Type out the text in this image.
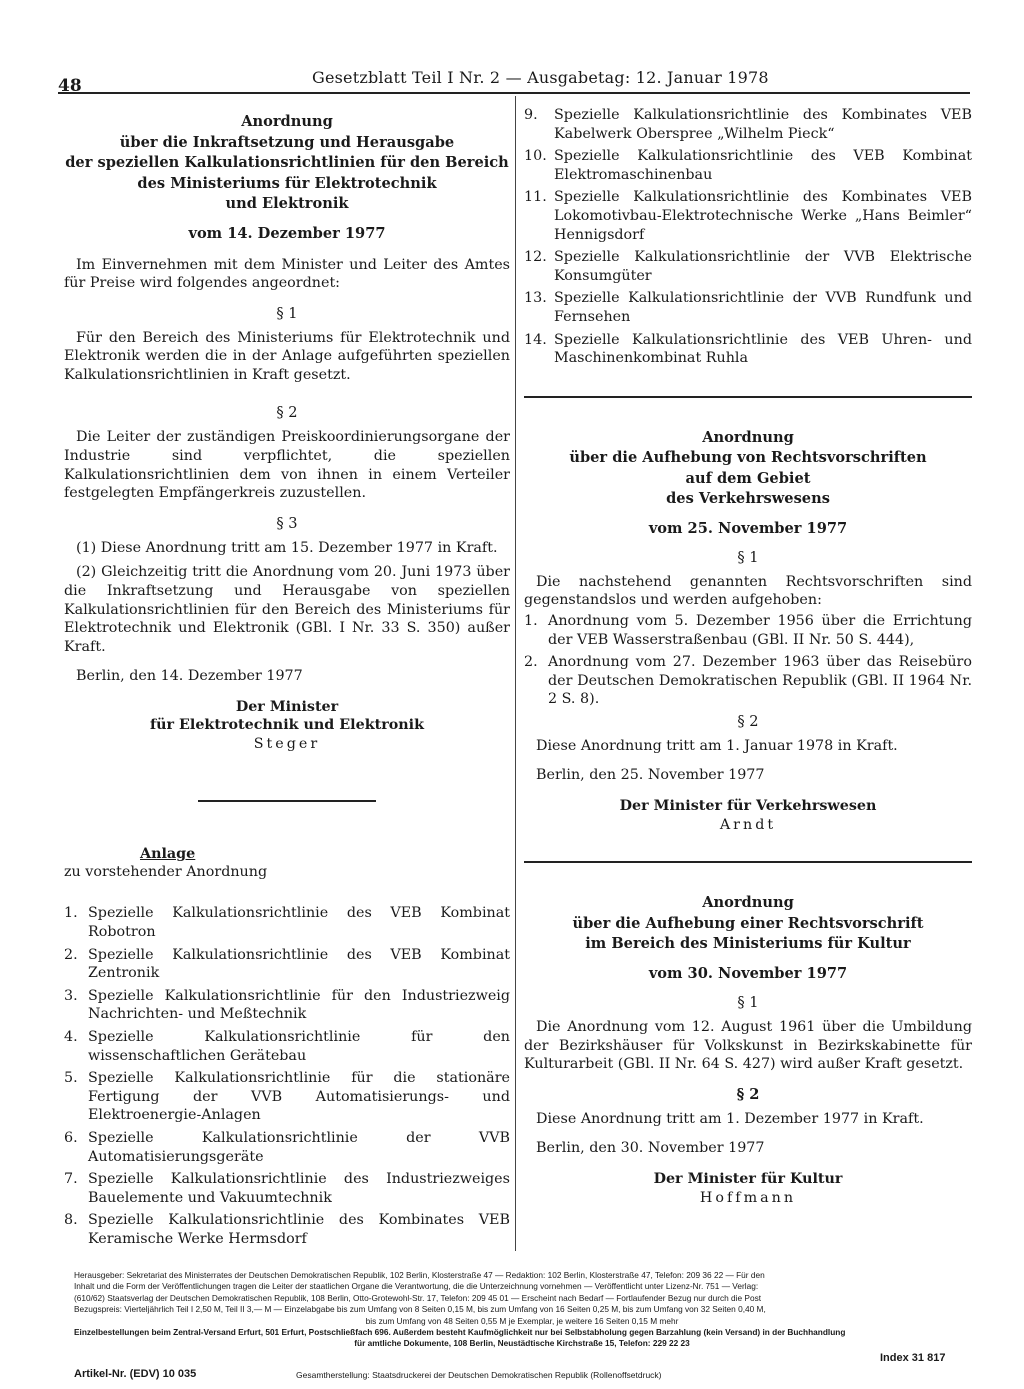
48	Gesetzblatt Teil I Nr. 2 — Ausgabetag: 12. Januar 1978
Anordnung
über die Inkraftsetzung und Herausgabe
der speziellen Kalkulationsrichtlinien für den Bereich
des Ministeriums für Elektrotechnik
und Elektronik
vom 14. Dezember 1977
Im Einvernehmen mit dem Minister und Leiter des Amtes für Preise wird folgendes angeordnet:
§ 1
Für den Bereich des Ministeriums für Elektrotechnik und Elektronik werden die in der Anlage aufgeführten speziellen Kalkulationsrichtlinien in Kraft gesetzt.
§ 2
Die Leiter der zuständigen Preiskoordinierungsorgane der Industrie sind verpflichtet, die speziellen Kalkulationsrichtlinien dem von ihnen in einem Verteiler festgelegten Empfängerkreis zuzustellen.
§ 3
(1) Diese Anordnung tritt am 15. Dezember 1977 in Kraft.
(2) Gleichzeitig tritt die Anordnung vom 20. Juni 1973 über die Inkraftsetzung und Herausgabe von speziellen Kalkulationsrichtlinien für den Bereich des Ministeriums für Elektrotechnik und Elektronik (GBl. I Nr. 33 S. 350) außer Kraft.
Berlin, den 14. Dezember 1977
Der Minister
für Elektrotechnik und Elektronik
Steger
Anlage
zu vorstehender Anordnung
1. Spezielle Kalkulationsrichtlinie des VEB Kombinat Robotron
2. Spezielle Kalkulationsrichtlinie des VEB Kombinat Zentronik
3. Spezielle Kalkulationsrichtlinie für den Industriezweig Nachrichten- und Meßtechnik
4. Spezielle Kalkulationsrichtlinie für den wissenschaftlichen Gerätebau
5. Spezielle Kalkulationsrichtlinie für die stationäre Fertigung der VVB Automatisierungs- und Elektroenergie-Anlagen
6. Spezielle Kalkulationsrichtlinie der VVB Automatisierungsgeräte
7. Spezielle Kalkulationsrichtlinie des Industriezweiges Bauelemente und Vakuumtechnik
8. Spezielle Kalkulationsrichtlinie des Kombinates VEB Keramische Werke Hermsdorf
9.	Spezielle Kalkulationsrichtlinie des Kombinates VEB Kabelwerk Oberspree „Wilhelm Pieck“
10. Spezielle Kalkulationsrichtlinie des VEB Kombinat Elektromaschinenbau
11. Spezielle Kalkulationsrichtlinie des Kombinates VEB Lokomotivbau-Elektrotechnische Werke „Hans Beimler“ Hennigsdorf
12. Spezielle Kalkulationsrichtlinie der VVB Elektrische Konsumgüter
13. Spezielle Kalkulationsrichtlinie der VVB Rundfunk und Fernsehen
14. Spezielle Kalkulationsrichtlinie des VEB Uhren- und Maschinenkombinat Ruhla
Anordnung
über die Aufhebung von Rechtsvorschriften
auf dem Gebiet
des Verkehrswesens
vom 25. November 1977
§ 1
Die nachstehend genannten Rechtsvorschriften sind gegenstandslos und werden aufgehoben:
1. Anordnung vom 5. Dezember 1956 über die Errichtung der VEB Wasserstraßenbau (GBl. II Nr. 50 S. 444),
2. Anordnung vom 27. Dezember 1963 über das Reisebüro der Deutschen Demokratischen Republik (GBl. II 1964 Nr. 2 S. 8).
§ 2
Diese Anordnung tritt am 1. Januar 1978 in Kraft.
Berlin, den 25. November 1977
Der Minister für Verkehrswesen
Arndt
Anordnung
über die Aufhebung einer Rechtsvorschrift
im Bereich des Ministeriums für Kultur
vom 30. November 1977
§ 1
Die Anordnung vom 12. August 1961 über die Umbildung der Bezirkshäuser für Volkskunst in Bezirkskabinette für Kulturarbeit (GBl. II Nr. 64 S. 427) wird außer Kraft gesetzt.
§ 2
Diese Anordnung tritt am 1. Dezember 1977 in Kraft.
Berlin, den 30. November 1977
Der Minister für Kultur
Hoffmann
Herausgeber: Sekretariat des Ministerrates der Deutschen Demokratischen Republik, 102 Berlin, Klosterstraße 47 — Redaktion: 102 Berlin, Klosterstraße 47, Telefon: 209 36 22 — Für den
Inhalt und die Form der Veröffentlichungen tragen die Leiter der staatlichen Organe die Verantwortung, die die Unterzeichnung vornehmen — Veröffentlicht unter Lizenz-Nr. 751 — Verlag:
(610/62) Staatsverlag der Deutschen Demokratischen Republik, 108 Berlin, Otto-Grotewohl-Str. 17, Telefon: 209 45 01 — Erscheint nach Bedarf — Fortlaufender Bezug nur durch die Post
Bezugspreis: Vierteljährlich Teil I 2,50 M, Teil II 3,— M — Einzelabgabe bis zum Umfang von 8 Seiten 0,15 M, bis zum Umfang von 16 Seiten 0,25 M, bis zum Umfang von 32 Seiten 0,40 M,
bis zum Umfang von 48 Seiten 0,55 M je Exemplar, je weitere 16 Seiten 0,15 M mehr
Einzelbestellungen beim Zentral-Versand Erfurt, 501 Erfurt, Postschließfach 696. Außerdem besteht Kaufmöglichkeit nur bei Selbstabholung gegen Barzahlung (kein Versand) in der Buchhandlung
für amtliche Dokumente, 108 Berlin, Neustädtische Kirchstraße 15, Telefon: 229 22 23
Artikel-Nr. (EDV) 10 035	Gesamtherstellung: Staatsdruckerei der Deutschen Demokratischen Republik (Rollenoffsetdruck)
Index 31 817
